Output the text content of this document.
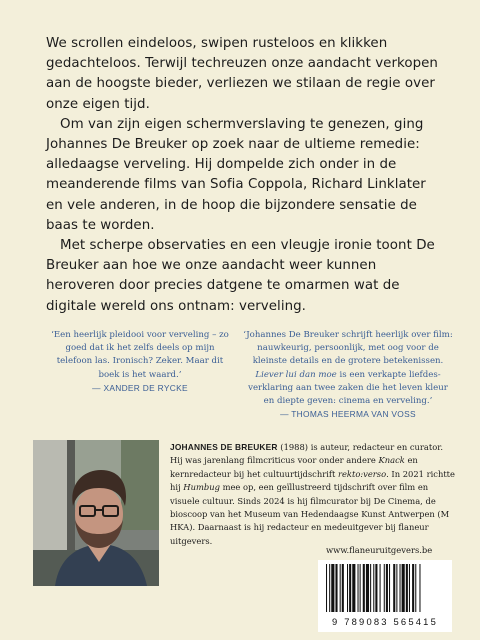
We scrollen eindeloos, swipen rusteloos en klikken gedachteloos. Terwijl techreuzen onze aandacht verkopen aan de hoogste bieder, verliezen we stilaan de regie over onze eigen tijd.

Om van zijn eigen schermverslaving te genezen, ging Johannes De Breuker op zoek naar de ultieme remedie: alledaagse verveling. Hij dompelde zich onder in de meanderende films van Sofia Coppola, Richard Linklater en vele anderen, in de hoop die bijzondere sensatie de baas te worden.

Met scherpe observaties en een vleugje ironie toont De Breuker aan hoe we onze aandacht weer kunnen heroveren door precies datgene te omarmen wat de digitale wereld ons ontnam: verveling.

‘Een heerlijk pleidooi voor verveling – zo goed dat ik het zelfs deels op mijn telefoon las. Ironisch? Zeker. Maar dit boek is het waard.’
— XANDER DE RYCKE
‘Johannes De Breuker schrijft heerlijk over film: nauwkeurig, persoonlijk, met oog voor de kleinste details en de grotere betekenissen. Liever lui dan moe is een verkapte liefdes-verklaring aan twee zaken die het leven kleur en diepte geven: cinema en verveling.’
— THOMAS HEERMA VAN VOSS
JOHANNES DE BREUKER (1988) is auteur, redacteur en curator. Hij was jarenlang filmcriticus voor onder andere Knack en kernredacteur bij het cultuurtijdschrift rekto:verso. In 2021 richtte hij Humbug mee op, een geïllustreerd tijdschrift over film en visuele cultuur. Sinds 2024 is hij filmcurator bij De Cinema, de bioscoop van het Museum van Hedendaagse Kunst Antwerpen (M HKA). Daarnaast is hij redacteur en medeuitgever bij flaneur uitgevers.
www.flaneuruitgevers.be
9 789083 565415
